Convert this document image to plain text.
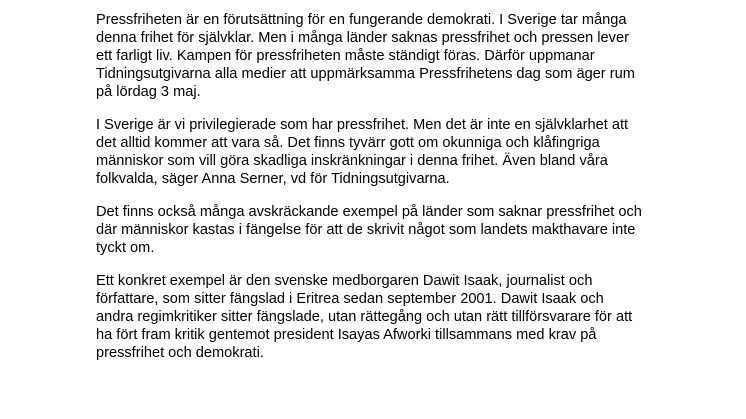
Pressfriheten är en förutsättning för en fungerande demokrati. I Sverige tar många
denna frihet för självklar. Men i många länder saknas pressfrihet och pressen lever
ett farligt liv. Kampen för pressfriheten måste ständigt föras. Därför uppmanar
Tidningsutgivarna alla medier att uppmärksamma Pressfrihetens dag som äger rum
på lördag 3 maj.

I Sverige är vi privilegierade som har pressfrihet. Men det är inte en självklarhet att
det alltid kommer att vara så. Det finns tyvärr gott om okunniga och klåfingriga
människor som vill göra skadliga inskränkningar i denna frihet. Även bland våra
folkvalda, säger Anna Serner, vd för Tidningsutgivarna.

Det finns också många avskräckande exempel på länder som saknar pressfrihet och
där människor kastas i fängelse för att de skrivit något som landets makthavare inte
tyckt om.

Ett konkret exempel är den svenske medborgaren Dawit Isaak, journalist och
författare, som sitter fängslad i Eritrea sedan september 2001. Dawit Isaak och
andra regimkritiker sitter fängslade, utan rättegång och utan rätt tillförsvarare för att
ha fört fram kritik gentemot president Isayas Afworki tillsammans med krav på
pressfrihet och demokrati.
